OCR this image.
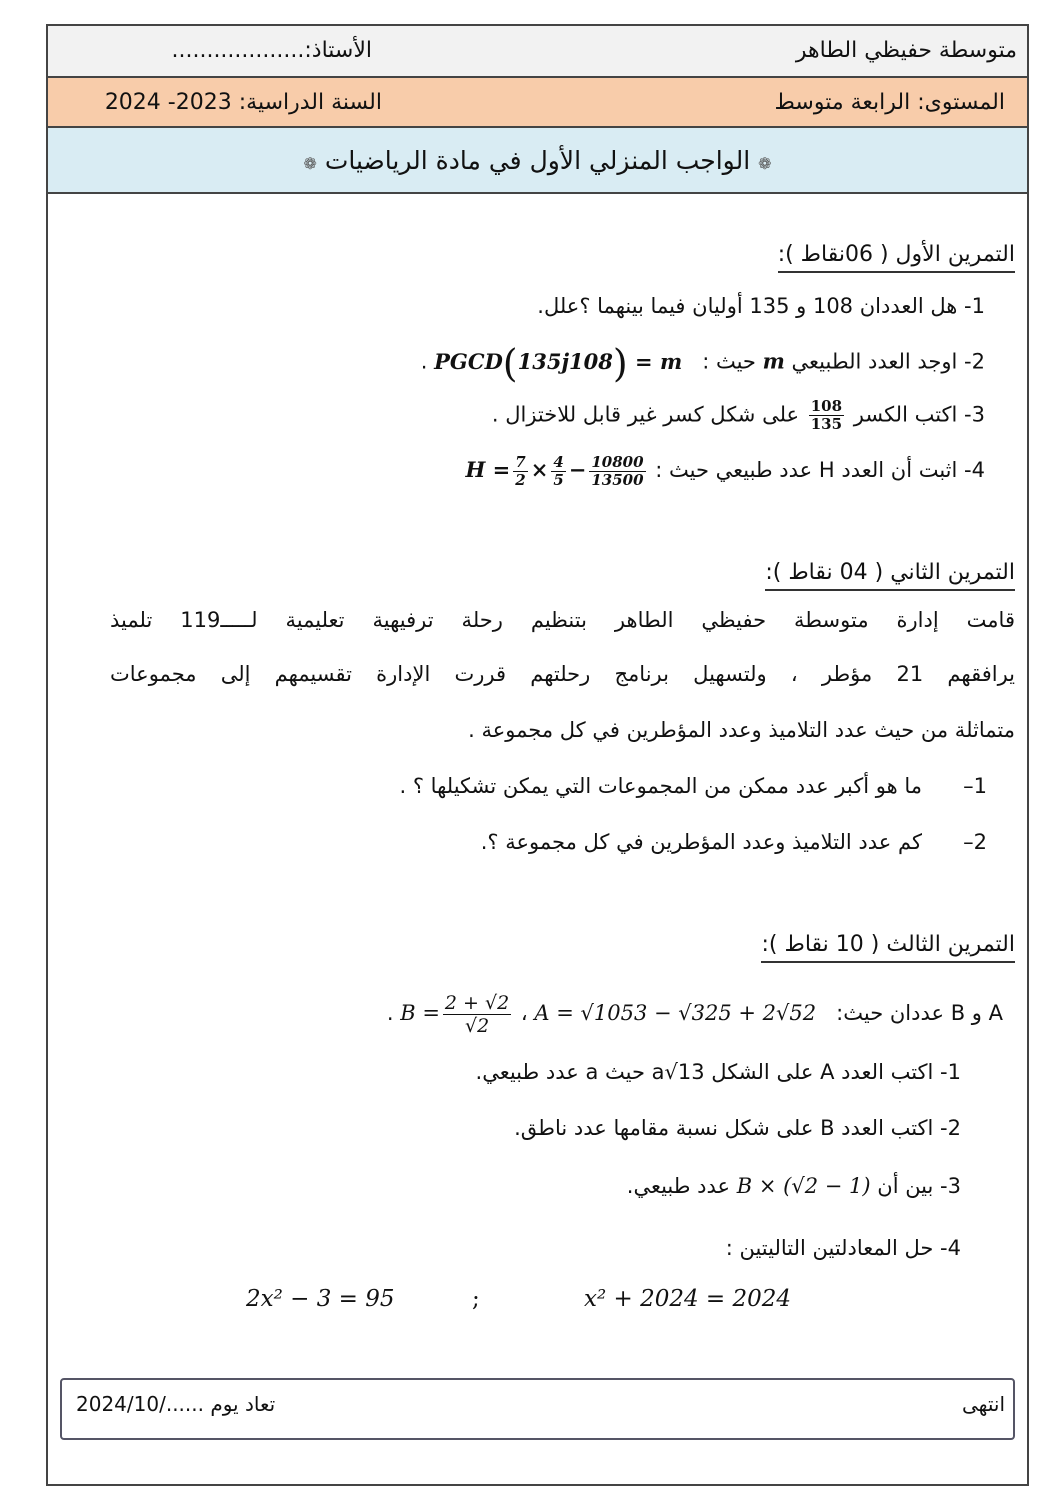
متوسطة حفيظي الطاهر
الأستاذ:...................
المستوى: الرابعة متوسط
السنة الدراسية: 2023- 2024
❁ الواجب المنزلي الأول في مادة الرياضيات ❁
التمرين الأول ( 06نقاط ):
1- هل العددان 108 و 135 أوليان فيما بينهما ؟علل.
2- اوجد العدد الطبيعي m حيث :   PGCD(135ј108) = m .
3- اكتب الكسر
$\frac{108}{135}$
على شكل كسر غير قابل للاختزال .
4- اثبت أن العدد H عدد طبيعي حيث : $H = \frac{7}{2} \times \frac{4}{5} - \frac{10800}{13500}$
التمرين الثاني ( 04 نقاط ):
قامت إدارة متوسطة حفيظي الطاهر بتنظيم رحلة ترفيهية تعليمية لـــــ119 تلميذ
يرافقهم 21 مؤطر ، ولتسهيل برنامج رحلتهم قررت الإدارة تقسيمهم إلى مجموعات
متماثلة من حيث عدد التلاميذ وعدد المؤطرين في كل مجموعة .
1–
ما هو أكبر عدد ممكن من المجموعات التي يمكن تشكيلها ؟ .
2–
كم عدد التلاميذ وعدد المؤطرين في كل مجموعة ؟.
التمرين الثالث ( 10 نقاط ):
A و B عددان حيث:   A = √1053 − √325 + 2√52 ، $B = \frac{2 + √2}{√2}$
.
1- اكتب العدد A على الشكل a√13 حيث a عدد طبيعي.
2- اكتب العدد B على شكل نسبة مقامها عدد ناطق.
3- بين أن B × (√2 − 1) عدد طبيعي.
4- حل المعادلتين التاليتين :
x² + 2024 = 2024
;
2x² − 3 = 95
انتهى
تعاد يوم ....../2024/10
